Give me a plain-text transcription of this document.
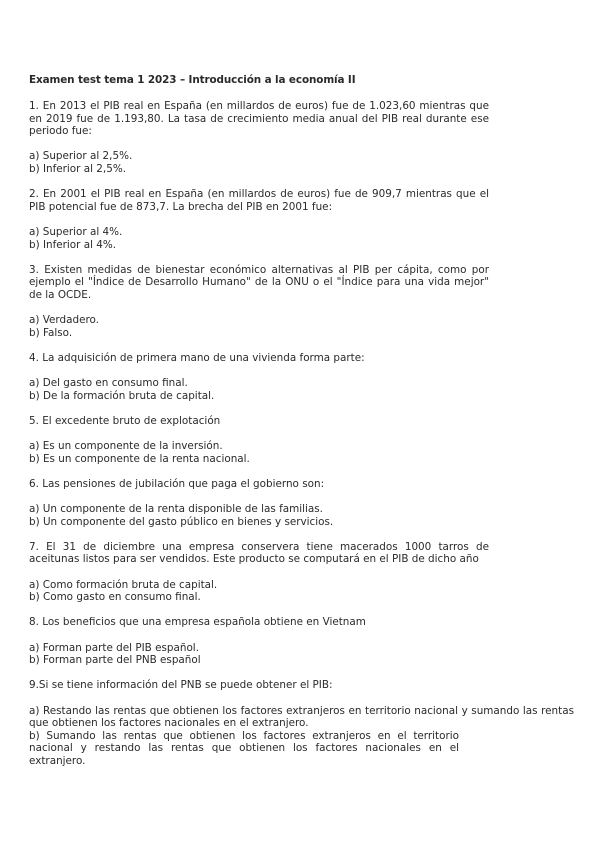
Examen test tema 1 2023 – Introducción a la economía II

1. En 2013 el PIB real en España (en millardos de euros) fue de 1.023,60 mientras que en 2019 fue de 1.193,80. La tasa de crecimiento media anual del PIB real durante ese periodo fue:

a) Superior al 2,5%.

b) Inferior al 2,5%.

2. En 2001 el PIB real en España (en millardos de euros) fue de 909,7 mientras que el PIB potencial fue de 873,7. La brecha del PIB en 2001 fue:

a) Superior al 4%.

b) Inferior al 4%.

3. Existen medidas de bienestar económico alternativas al PIB per cápita, como por ejemplo el "Índice de Desarrollo Humano" de la ONU o el "Índice para una vida mejor" de la OCDE.

a) Verdadero.

b) Falso.

4. La adquisición de primera mano de una vivienda forma parte:

a) Del gasto en consumo final.

b) De la formación bruta de capital.

5. El excedente bruto de explotación

a) Es un componente de la inversión.

b) Es un componente de la renta nacional.

6. Las pensiones de jubilación que paga el gobierno son:

a) Un componente de la renta disponible de las familias.

b) Un componente del gasto público en bienes y servicios.

7. El 31 de diciembre una empresa conservera tiene macerados 1000 tarros de aceitunas listos para ser vendidos. Este producto se computará en el PIB de dicho año

a) Como formación bruta de capital.

b) Como gasto en consumo final.

8. Los beneficios que una empresa española obtiene en Vietnam

a) Forman parte del PIB español.

b) Forman parte del PNB español

9.Si se tiene información del PNB se puede obtener el PIB:

a) Restando las rentas que obtienen los factores extranjeros en territorio nacional y sumando las rentas que obtienen los factores nacionales en el extranjero.

b) Sumando las rentas que obtienen los factores extranjeros en el territorio nacional y restando las rentas que obtienen los factores nacionales en el extranjero.
